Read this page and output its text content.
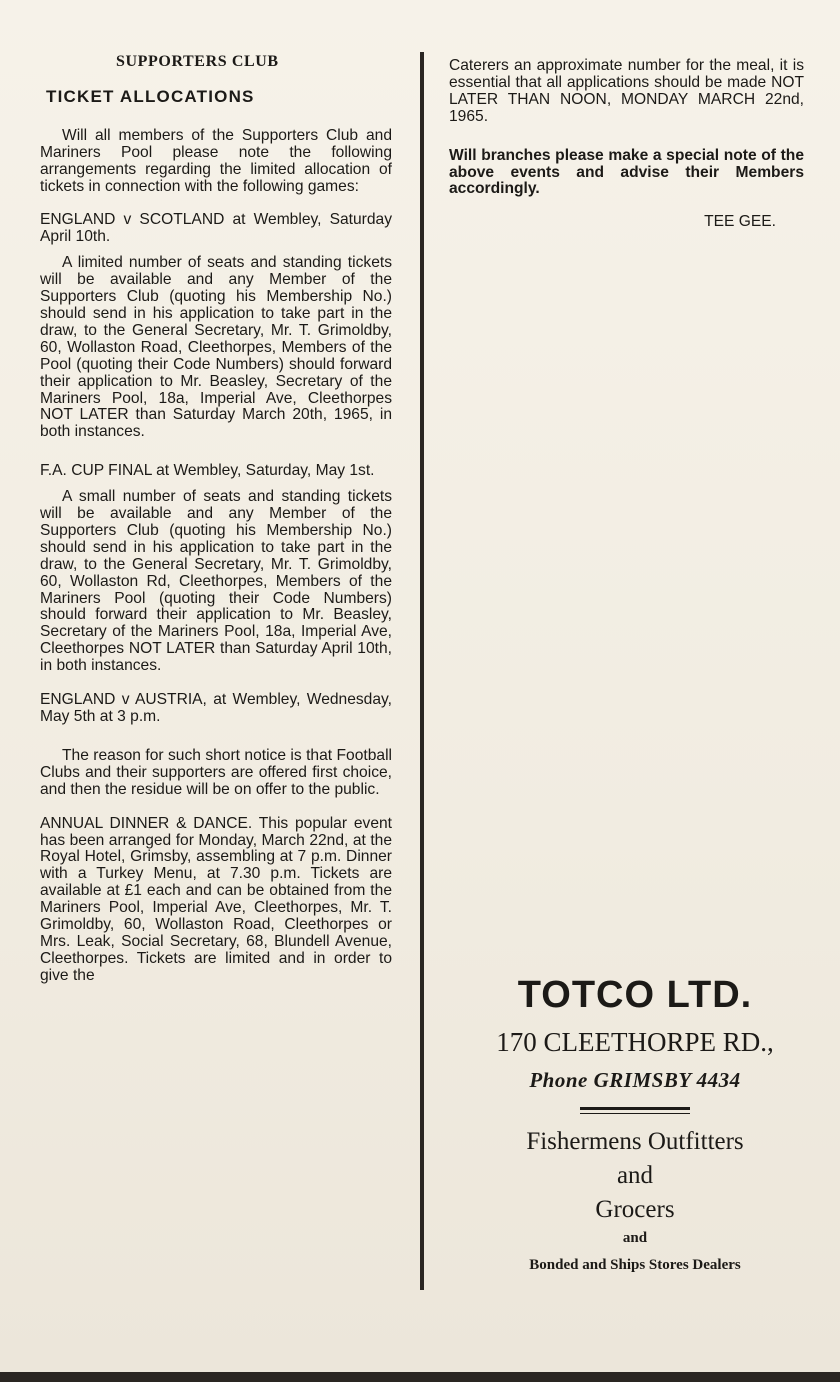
SUPPORTERS CLUB
TICKET ALLOCATIONS

Will all members of the Supporters Club and Mariners Pool please note the following arrangements regarding the limited allocation of tickets in connection with the following games:

ENGLAND v SCOTLAND at Wembley, Saturday April 10th.

A limited number of seats and standing tickets will be available and any Member of the Supporters Club (quoting his Membership No.) should send in his application to take part in the draw, to the General Secretary, Mr. T. Grimoldby, 60, Wollaston Road, Cleethorpes, Members of the Pool (quoting their Code Numbers) should forward their application to Mr. Beasley, Secretary of the Mariners Pool, 18a, Imperial Ave, Cleethorpes NOT LATER than Saturday March 20th, 1965, in both instances.

F.A. CUP FINAL at Wembley, Saturday, May 1st.

A small number of seats and standing tickets will be available and any Member of the Supporters Club (quoting his Membership No.) should send in his application to take part in the draw, to the General Secretary, Mr. T. Grimoldby, 60, Wollaston Rd, Cleethorpes, Members of the Mariners Pool (quoting their Code Numbers) should forward their application to Mr. Beasley, Secretary of the Mariners Pool, 18a, Imperial Ave, Cleethorpes NOT LATER than Saturday April 10th, in both instances.

ENGLAND v AUSTRIA, at Wembley, Wednesday, May 5th at 3 p.m.

The reason for such short notice is that Football Clubs and their supporters are offered first choice, and then the residue will be on offer to the public.

ANNUAL DINNER & DANCE. This popular event has been arranged for Monday, March 22nd, at the Royal Hotel, Grimsby, assembling at 7 p.m. Dinner with a Turkey Menu, at 7.30 p.m. Tickets are available at £1 each and can be obtained from the Mariners Pool, Imperial Ave, Cleethorpes, Mr. T. Grimoldby, 60, Wollaston Road, Cleethorpes or Mrs. Leak, Social Secretary, 68, Blundell Avenue, Cleethorpes. Tickets are limited and in order to give the

Caterers an approximate number for the meal, it is essential that all applications should be made NOT LATER THAN NOON, MONDAY MARCH 22nd, 1965.

Will branches please make a special note of the above events and advise their Members accordingly.

TEE GEE.
TOTCO LTD.
170 CLEETHORPE RD.,
Phone GRIMSBY 4434
Fishermens Outfitters
and
Grocers
and
Bonded and Ships Stores Dealers
